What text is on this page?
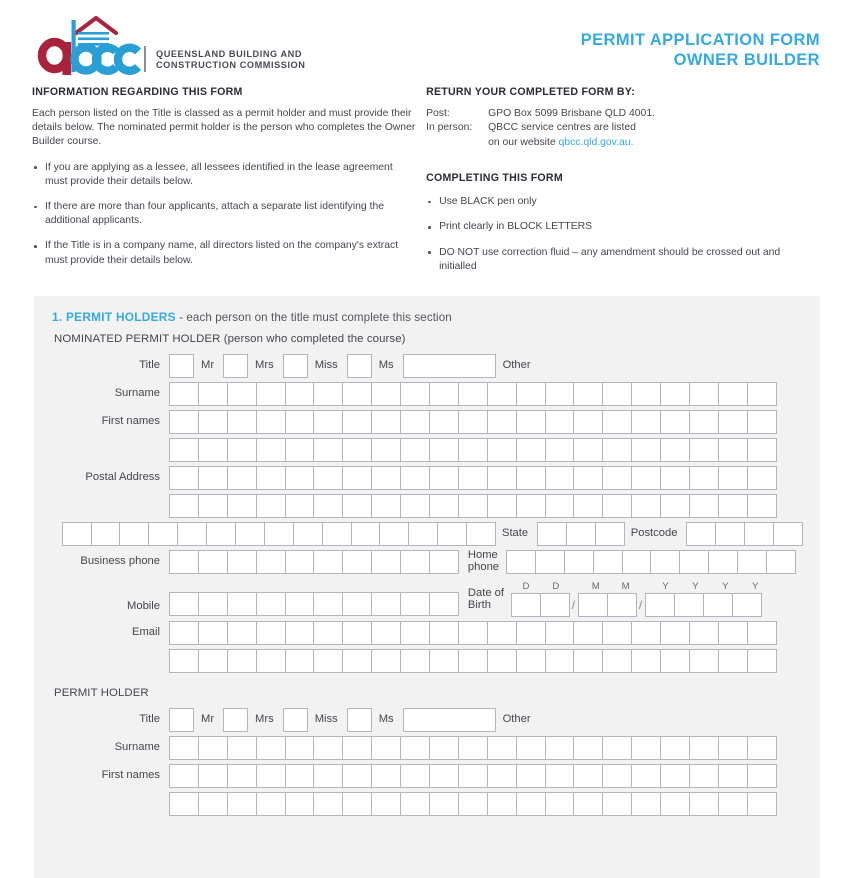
QUEENSLAND BUILDING AND
CONSTRUCTION COMMISSION
PERMIT APPLICATION FORM
OWNER BUILDER
INFORMATION REGARDING THIS FORM

Each person listed on the Title is classed as a permit holder and must provide their details below. The nominated permit holder is the person who completes the Owner Builder course.

If you are applying as a lessee, all lessees identified in the lease agreement must provide their details below.
If there are more than four applicants, attach a separate list identifying the additional applicants.
If the Title is in a company name, all directors listed on the company's extract must provide their details below.
RETURN YOUR COMPLETED FORM BY:
Post:	GPO Box 5099 Brisbane QLD 4001.
In person:	QBCC service centres are listed
on our website qbcc.qld.gov.au.
COMPLETING THIS FORM
Use BLACK pen only
Print clearly in BLOCK LETTERS
DO NOT use correction fluid – any amendment should be crossed out and initialled
1. PERMIT HOLDERS - each person on the title must complete this section
NOMINATED PERMIT HOLDER (person who completed the course)
Title	Mr	Mrs	Miss	Ms	Other
Surname
First names
Postal Address
State	Postcode
Business phone
Home
phone
Mobile
Date of
Birth
D	D	M	M	Y	Y	Y	Y
/	/
Email
PERMIT HOLDER
Title	Mr	Mrs	Miss	Ms	Other
Surname
First names
